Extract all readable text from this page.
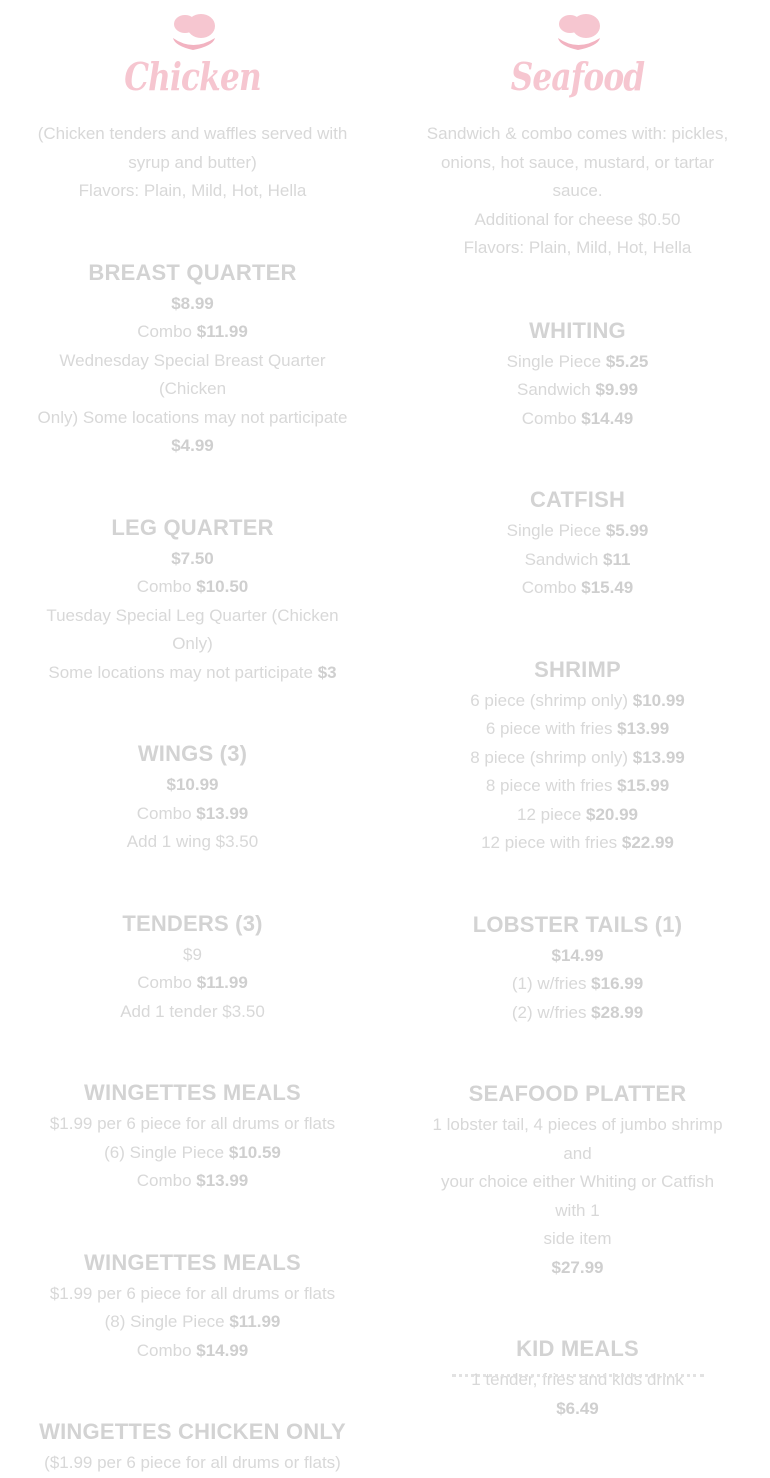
Chicken

(Chicken tenders and waffles served with

syrup and butter)

Flavors: Plain, Mild, Hot, Hella

BREAST QUARTER

$8.99

Combo $11.99

Wednesday Special Breast Quarter (Chicken

Only) Some locations may not participate

$4.99

LEG QUARTER

$7.50

Combo $10.50

Tuesday Special Leg Quarter (Chicken Only)

Some locations may not participate $3

WINGS (3)

$10.99

Combo $13.99

Add 1 wing $3.50

TENDERS (3)

$9

Combo $11.99

Add 1 tender $3.50

WINGETTES MEALS

$1.99 per 6 piece for all drums or flats

(6) Single Piece $10.59

Combo $13.99

WINGETTES MEALS

$1.99 per 6 piece for all drums or flats

(8) Single Piece $11.99

Combo $14.99

WINGETTES CHICKEN ONLY

($1.99 per 6 piece for all drums or flats)

Seafood

Sandwich & combo comes with: pickles,

onions, hot sauce, mustard, or tartar sauce.

Additional for cheese $0.50

Flavors: Plain, Mild, Hot, Hella

WHITING

Single Piece $5.25

Sandwich $9.99

Combo $14.49

CATFISH

Single Piece $5.99

Sandwich $11

Combo $15.49

SHRIMP

6 piece (shrimp only) $10.99

6 piece with fries $13.99

8 piece (shrimp only) $13.99

8 piece with fries $15.99

12 piece $20.99

12 piece with fries $22.99

LOBSTER TAILS (1)

$14.99

(1) w/fries $16.99

(2) w/fries $28.99

SEAFOOD PLATTER

1 lobster tail, 4 pieces of jumbo shrimp and

your choice either Whiting or Catfish with 1

side item

$27.99

KID MEALS

1 tender, fries and kids drink

$6.49
